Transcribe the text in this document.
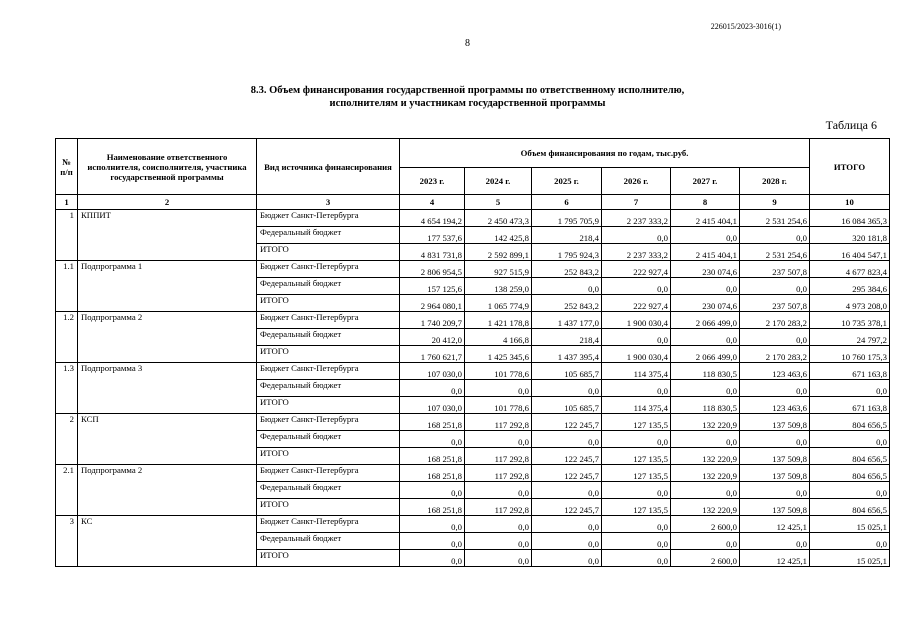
226015/2023-3016(1)
8
8.3. Объем финансирования государственной программы по ответственному исполнителю,
исполнителям и участникам государственной программы
Таблица 6
№ п/п	Наименование ответственного исполнителя, соисполнителя, участника государственной программы	Вид источника финансирования	Объем финансирования по годам, тыс.руб.						ИТОГО
			2023 г.	2024 г.	2025 г.	2026 г.	2027 г.	2028 г.	
1	2	3	4	5	6	7	8	9	10
1	КППИТ	Бюджет Санкт-Петербурга	4 654 194,2	2 450 473,3	1 795 705,9	2 237 333,2	2 415 404,1	2 531 254,6	16 084 365,3
		Федеральный бюджет	177 537,6	142 425,8	218,4	0,0	0,0	0,0	320 181,8
		ИТОГО	4 831 731,8	2 592 899,1	1 795 924,3	2 237 333,2	2 415 404,1	2 531 254,6	16 404 547,1
1.1	Подпрограмма 1	Бюджет Санкт-Петербурга	2 806 954,5	927 515,9	252 843,2	222 927,4	230 074,6	237 507,8	4 677 823,4
		Федеральный бюджет	157 125,6	138 259,0	0,0	0,0	0,0	0,0	295 384,6
		ИТОГО	2 964 080,1	1 065 774,9	252 843,2	222 927,4	230 074,6	237 507,8	4 973 208,0
1.2	Подпрограмма 2	Бюджет Санкт-Петербурга	1 740 209,7	1 421 178,8	1 437 177,0	1 900 030,4	2 066 499,0	2 170 283,2	10 735 378,1
		Федеральный бюджет	20 412,0	4 166,8	218,4	0,0	0,0	0,0	24 797,2
		ИТОГО	1 760 621,7	1 425 345,6	1 437 395,4	1 900 030,4	2 066 499,0	2 170 283,2	10 760 175,3
1.3	Подпрограмма 3	Бюджет Санкт-Петербурга	107 030,0	101 778,6	105 685,7	114 375,4	118 830,5	123 463,6	671 163,8
		Федеральный бюджет	0,0	0,0	0,0	0,0	0,0	0,0	0,0
		ИТОГО	107 030,0	101 778,6	105 685,7	114 375,4	118 830,5	123 463,6	671 163,8
2	КСП	Бюджет Санкт-Петербурга	168 251,8	117 292,8	122 245,7	127 135,5	132 220,9	137 509,8	804 656,5
		Федеральный бюджет	0,0	0,0	0,0	0,0	0,0	0,0	0,0
		ИТОГО	168 251,8	117 292,8	122 245,7	127 135,5	132 220,9	137 509,8	804 656,5
2.1	Подпрограмма 2	Бюджет Санкт-Петербурга	168 251,8	117 292,8	122 245,7	127 135,5	132 220,9	137 509,8	804 656,5
		Федеральный бюджет	0,0	0,0	0,0	0,0	0,0	0,0	0,0
		ИТОГО	168 251,8	117 292,8	122 245,7	127 135,5	132 220,9	137 509,8	804 656,5
3	КС	Бюджет Санкт-Петербурга	0,0	0,0	0,0	0,0	2 600,0	12 425,1	15 025,1
		Федеральный бюджет	0,0	0,0	0,0	0,0	0,0	0,0	0,0
		ИТОГО	0,0	0,0	0,0	0,0	2 600,0	12 425,1	15 025,1
